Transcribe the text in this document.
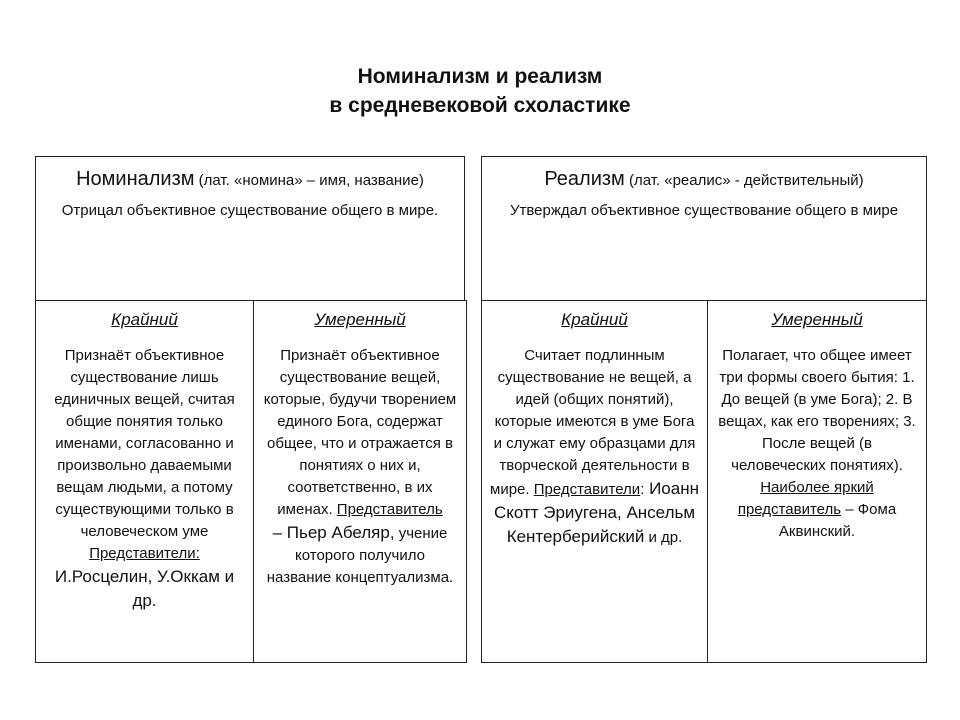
Номинализм и реализм
в средневековой схоластике
Номинализм (лат. «номина» – имя, название)
Отрицал объективное существование общего в мире.
Реализм (лат. «реалис» - действительный)
Утверждал объективное существование общего в мире
Крайний
Признаёт объективное существование лишь единичных вещей, считая общие понятия только именами, согласованно и произвольно даваемыми вещам людьми, а потому существующими только в человеческом уме
Представители:
И.Росцелин, У.Оккам и др.
Умеренный
Признаёт объективное существование вещей, которые, будучи творением единого Бога, содержат общее, что и отражается в понятиях о них и, соответственно, в их именах. Представитель
– Пьер Абеляр, учение которого получило название концептуализма.
Крайний
Считает подлинным существование не вещей, а идей (общих понятий), которые имеются в уме Бога и служат ему образцами для творческой деятельности в мире. Представители: Иоанн Скотт Эриугена, Ансельм Кентерберийский и др.
Умеренный
Полагает, что общее имеет три формы своего бытия: 1. До вещей (в уме Бога); 2. В вещах, как его творениях; 3. После вещей (в человеческих понятиях).
Наиболее яркий представитель – Фома Аквинский.
